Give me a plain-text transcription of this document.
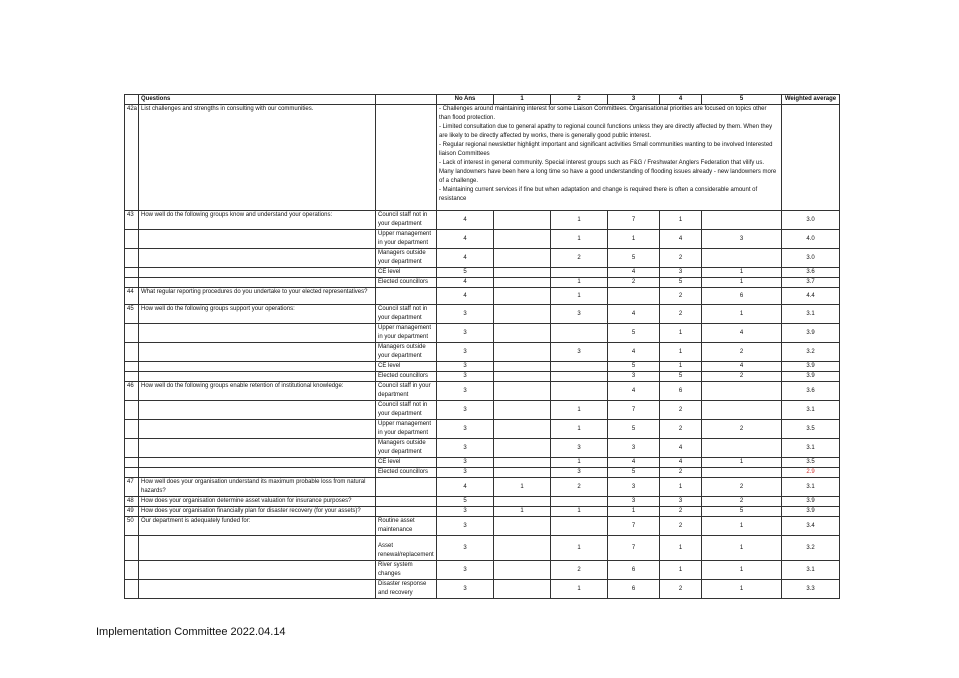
	Questions		No Ans	1	2	3	4	5	Weighted average
42a	List challenges and strengths in consulting with our communities.		- Challenges around maintaining interest for some Liaison Committees. Organisational priorities are focused on topics other than flood protection.
- Limited consultation due to general apathy to regional council functions unless they are directly affected by them. When they are likely to be directly affected by works, there is generally good public interest.
- Regular regional newsletter highlight important and significant activities Small communities wanting to be involved Interested liaison Committees
- Lack of interest in general community. Special interest groups such as F&G / Freshwater Anglers Federation that vilify us. Many landowners have been here a long time so have a good understanding of flooding issues already - new landowners more of a challenge.
- Maintaining current services if fine but when adaptation and change is required there is often a considerable amount of resistance						

43	How well do the following groups know and understand your operations:	Council staff not in your department	4		1	7	1		3.0
		Upper management in your department	4		1	1	4	3	4.0
		Managers outside your department	4		2	5	2		3.0
		CE level	5			4	3	1	3.6
		Elected councillors	4		1	2	5	1	3.7
44	What regular reporting procedures do you undertake to your elected representatives?		4		1		2	6	4.4
45	How well do the following groups support your operations:	Council staff not in your department	3		3	4	2	1	3.1
		Upper management in your department	3			5	1	4	3.9
		Managers outside your department	3		3	4	1	2	3.2
		CE level	3			5	1	4	3.9
		Elected councillors	3			3	5	2	3.9
46	How well do the following groups enable retention of institutional knowledge:	Council staff in your department	3			4	6		3.6
		Council staff not in your department	3		1	7	2		3.1
		Upper management in your department	3		1	5	2	2	3.5
		Managers outside your department	3		3	3	4		3.1
		CE level	3		1	4	4	1	3.5
		Elected councillors	3		3	5	2		2.9
47	How well does your organisation understand its maximum probable loss from natural hazards?		4	1	2	3	1	2	3.1
48	How does your organisation determine asset valuation for insurance purposes?		5			3	3	2	3.9
49	How does your organisation financially plan for disaster recovery (for your assets)?		3	1	1	1	2	5	3.9
50	Our department is adequately funded for:	Routine asset maintenance	3			7	2	1	3.4
		Asset renewal/replacement	3		1	7	1	1	3.2
		River system changes	3		2	6	1	1	3.1
		Disaster response and recovery	3		1	6	2	1	3.3
Implementation Committee 2022.04.14
